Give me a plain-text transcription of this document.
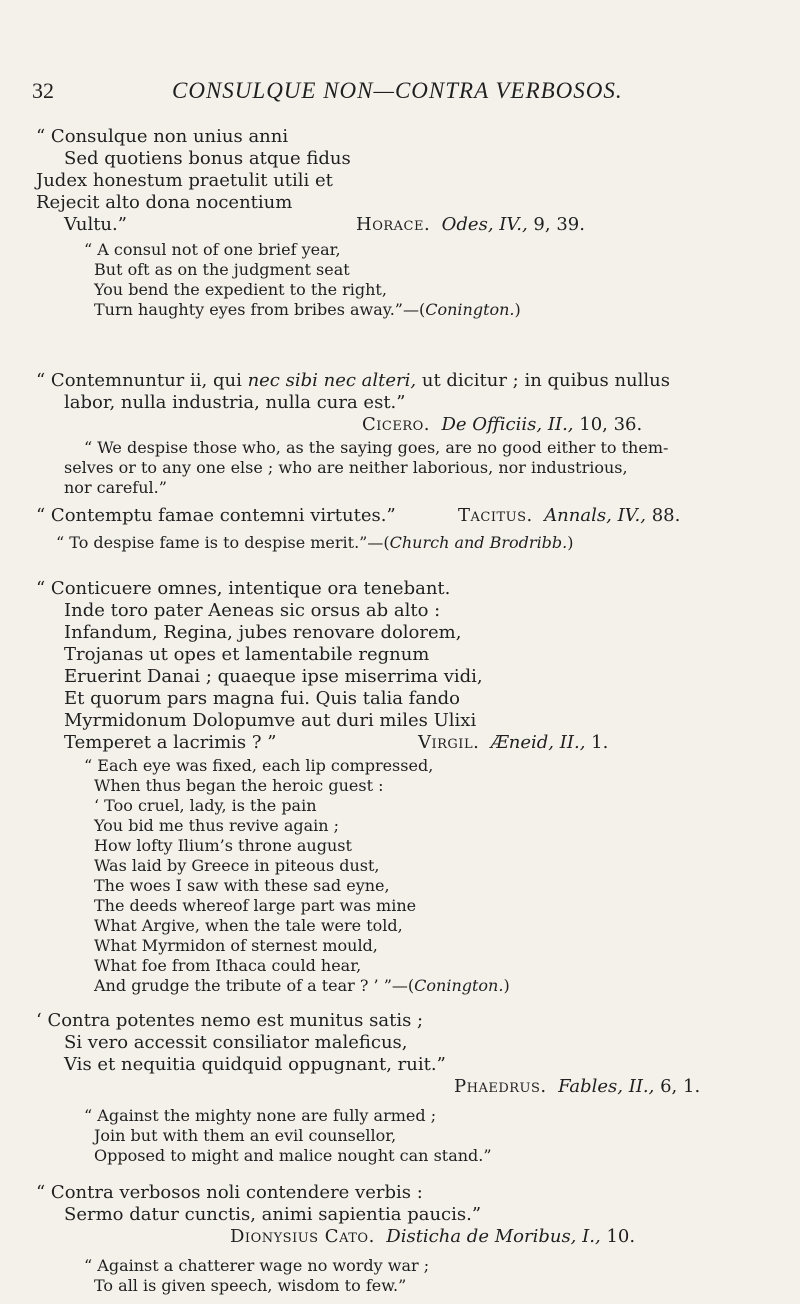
32	CONSULQUE NON—CONTRA VERBOSOS.
“ Consulque non unius anni
Sed quotiens bonus atque fidus
Judex honestum praetulit utili et
Rejecit alto dona nocentium
Vultu.”	Horace. Odes, IV., 9, 39.
“ A consul not of one brief year,
But oft as on the judgment seat
You bend the expedient to the right,
Turn haughty eyes from bribes away.”—(Conington.)
“ Contemnuntur ii, qui nec sibi nec alteri, ut dicitur ; in quibus nullus
labor, nulla industria, nulla cura est.”
Cicero. De Officiis, II., 10, 36.
“ We despise those who, as the saying goes, are no good either to them-
selves or to any one else ; who are neither laborious, nor industrious,
nor careful.”
“ Contemptu famae contemni virtutes.”	Tacitus. Annals, IV., 88.
“ To despise fame is to despise merit.”—(Church and Brodribb.)
“ Conticuere omnes, intentique ora tenebant.
Inde toro pater Aeneas sic orsus ab alto :
Infandum, Regina, jubes renovare dolorem,
Trojanas ut opes et lamentabile regnum
Eruerint Danai ; quaeque ipse miserrima vidi,
Et quorum pars magna fui. Quis talia fando
Myrmidonum Dolopumve aut duri miles Ulixi
Temperet a lacrimis ? ”	Virgil. Æneid, II., 1.
“ Each eye was fixed, each lip compressed,
When thus began the heroic guest :
‘ Too cruel, lady, is the pain
You bid me thus revive again ;
How lofty Ilium’s throne august
Was laid by Greece in piteous dust,
The woes I saw with these sad eyne,
The deeds whereof large part was mine
What Argive, when the tale were told,
What Myrmidon of sternest mould,
What foe from Ithaca could hear,
And grudge the tribute of a tear ? ’ ”—(Conington.)
‘ Contra potentes nemo est munitus satis ;
Si vero accessit consiliator maleficus,
Vis et nequitia quidquid oppugnant, ruit.”
Phaedrus. Fables, II., 6, 1.
“ Against the mighty none are fully armed ;
Join but with them an evil counsellor,
Opposed to might and malice nought can stand.”
“ Contra verbosos noli contendere verbis :
Sermo datur cunctis, animi sapientia paucis.”
Dionysius Cato. Disticha de Moribus, I., 10.
“ Against a chatterer wage no wordy war ;
To all is given speech, wisdom to few.”
